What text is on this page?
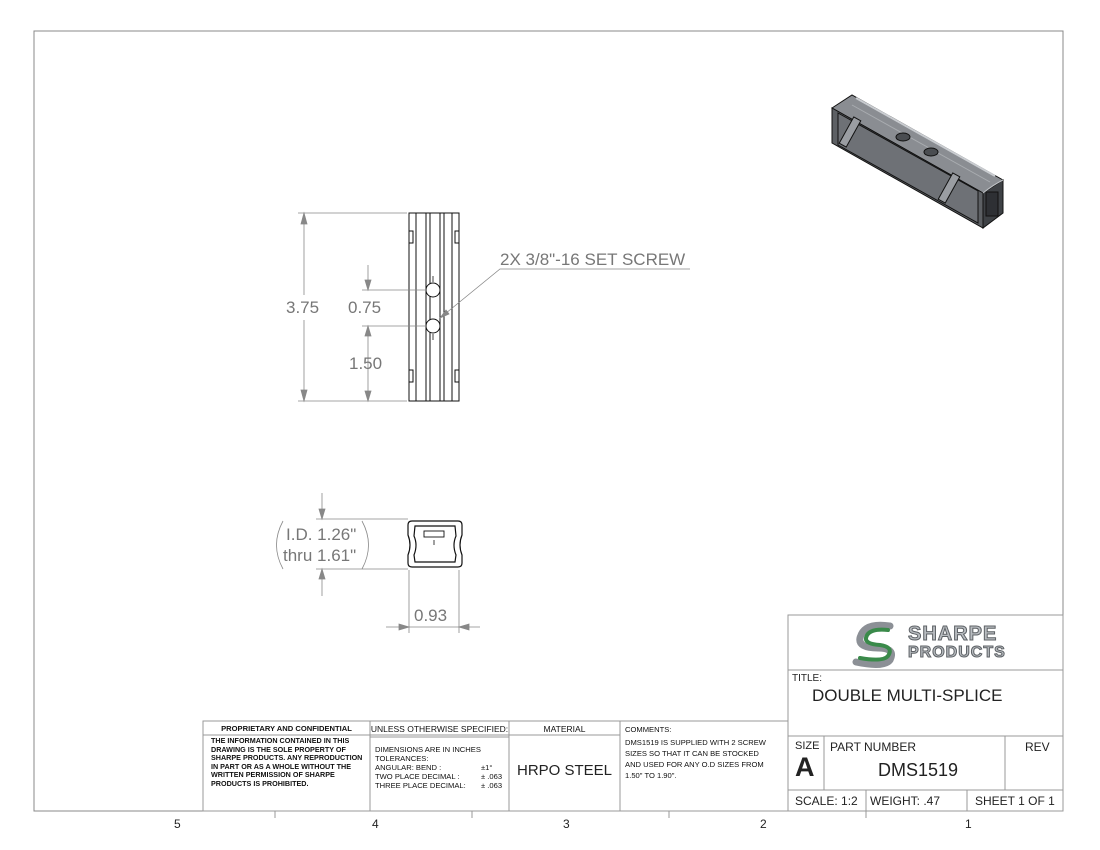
3.75 0.75
1.50
2X 3/8"-16 SET SCREW
I.D. 1.26"
thru 1.61"
0.93
5	4	3	2	1
SHARPE
PRODUCTS
TITLE:
DOUBLE MULTI-SPLICE
SIZE
A
PART NUMBER
DMS1519
REV
SCALE: 1:2 WEIGHT: .47	SHEET 1 OF 1
PROPRIETARY AND CONFIDENTIAL
THE INFORMATION CONTAINED IN THIS DRAWING IS THE SOLE PROPERTY OF SHARPE PRODUCTS. ANY REPRODUCTION IN PART OR AS A WHOLE WITHOUT THE WRITTEN PERMISSION OF SHARPE PRODUCTS IS PROHIBITED.
UNLESS OTHERWISE SPECIFIED:
DIMENSIONS ARE IN INCHES
TOLERANCES:
ANGULAR: BEND :	±1°
TWO PLACE DECIMAL :	± .063
THREE PLACE DECIMAL: ± .063
MATERIAL
HRPO STEEL
COMMENTS:
DMS1519 IS SUPPLIED WITH 2 SCREW SIZES SO THAT IT CAN BE STOCKED AND USED FOR ANY O.D SIZES FROM 1.50" TO 1.90".
